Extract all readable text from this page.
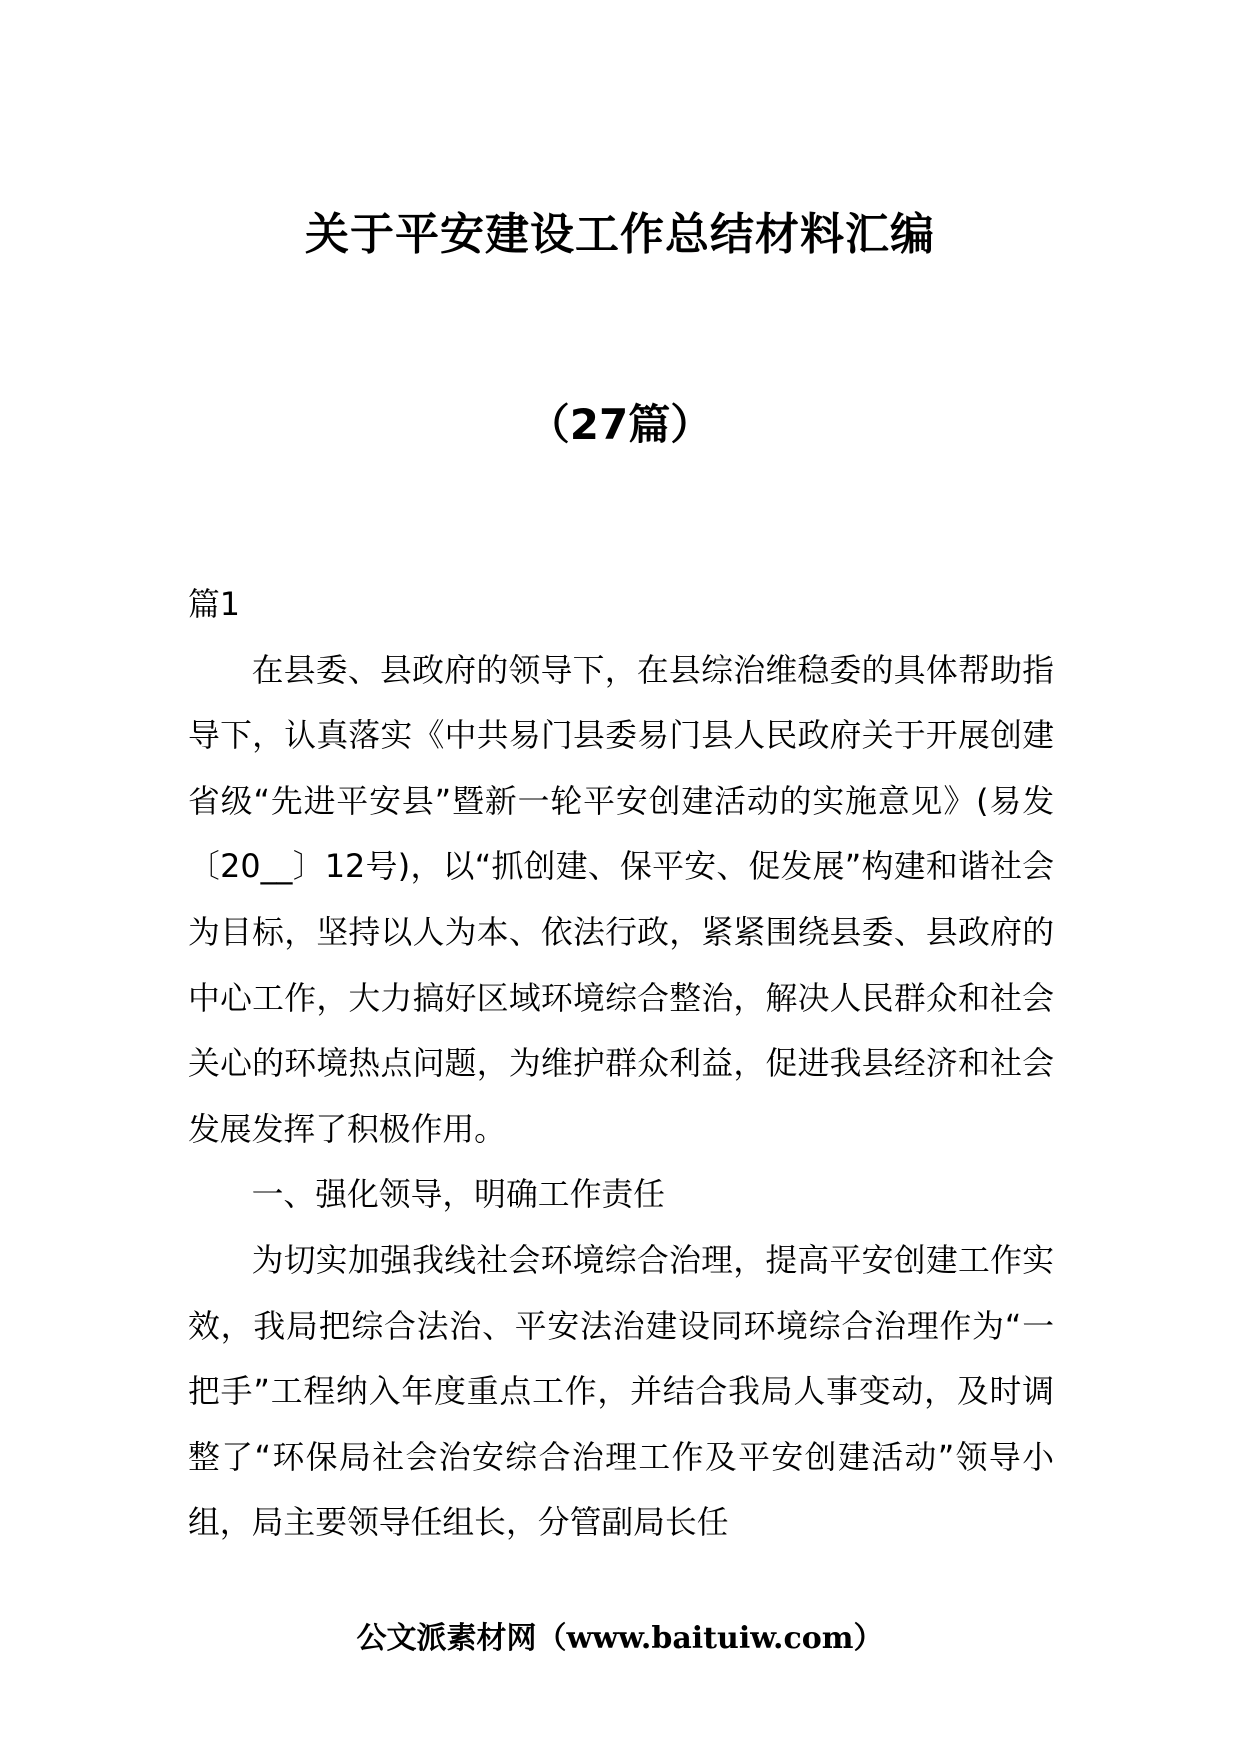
关于平安建设工作总结材料汇编
（27篇）

篇1

在县委、县政府的领导下，在县综治维稳委的具体帮助指导下，认真落实《中共易门县委易门县人民政府关于开展创建省级“先进平安县”暨新一轮平安创建活动的实施意见》(易发〔20__〕12号)，以“抓创建、保平安、促发展”构建和谐社会为目标，坚持以人为本、依法行政，紧紧围绕县委、县政府的中心工作，大力搞好区域环境综合整治，解决人民群众和社会关心的环境热点问题，为维护群众利益，促进我县经济和社会发展发挥了积极作用。

一、强化领导，明确工作责任

为切实加强我线社会环境综合治理，提高平安创建工作实效，我局把综合法治、平安法治建设同环境综合治理作为“一把手”工程纳入年度重点工作，并结合我局人事变动，及时调整了“环保局社会治安综合治理工作及平安创建活动”领导小组，局主要领导任组长，分管副局长任

公文派素材网（www.baituiw.com）
